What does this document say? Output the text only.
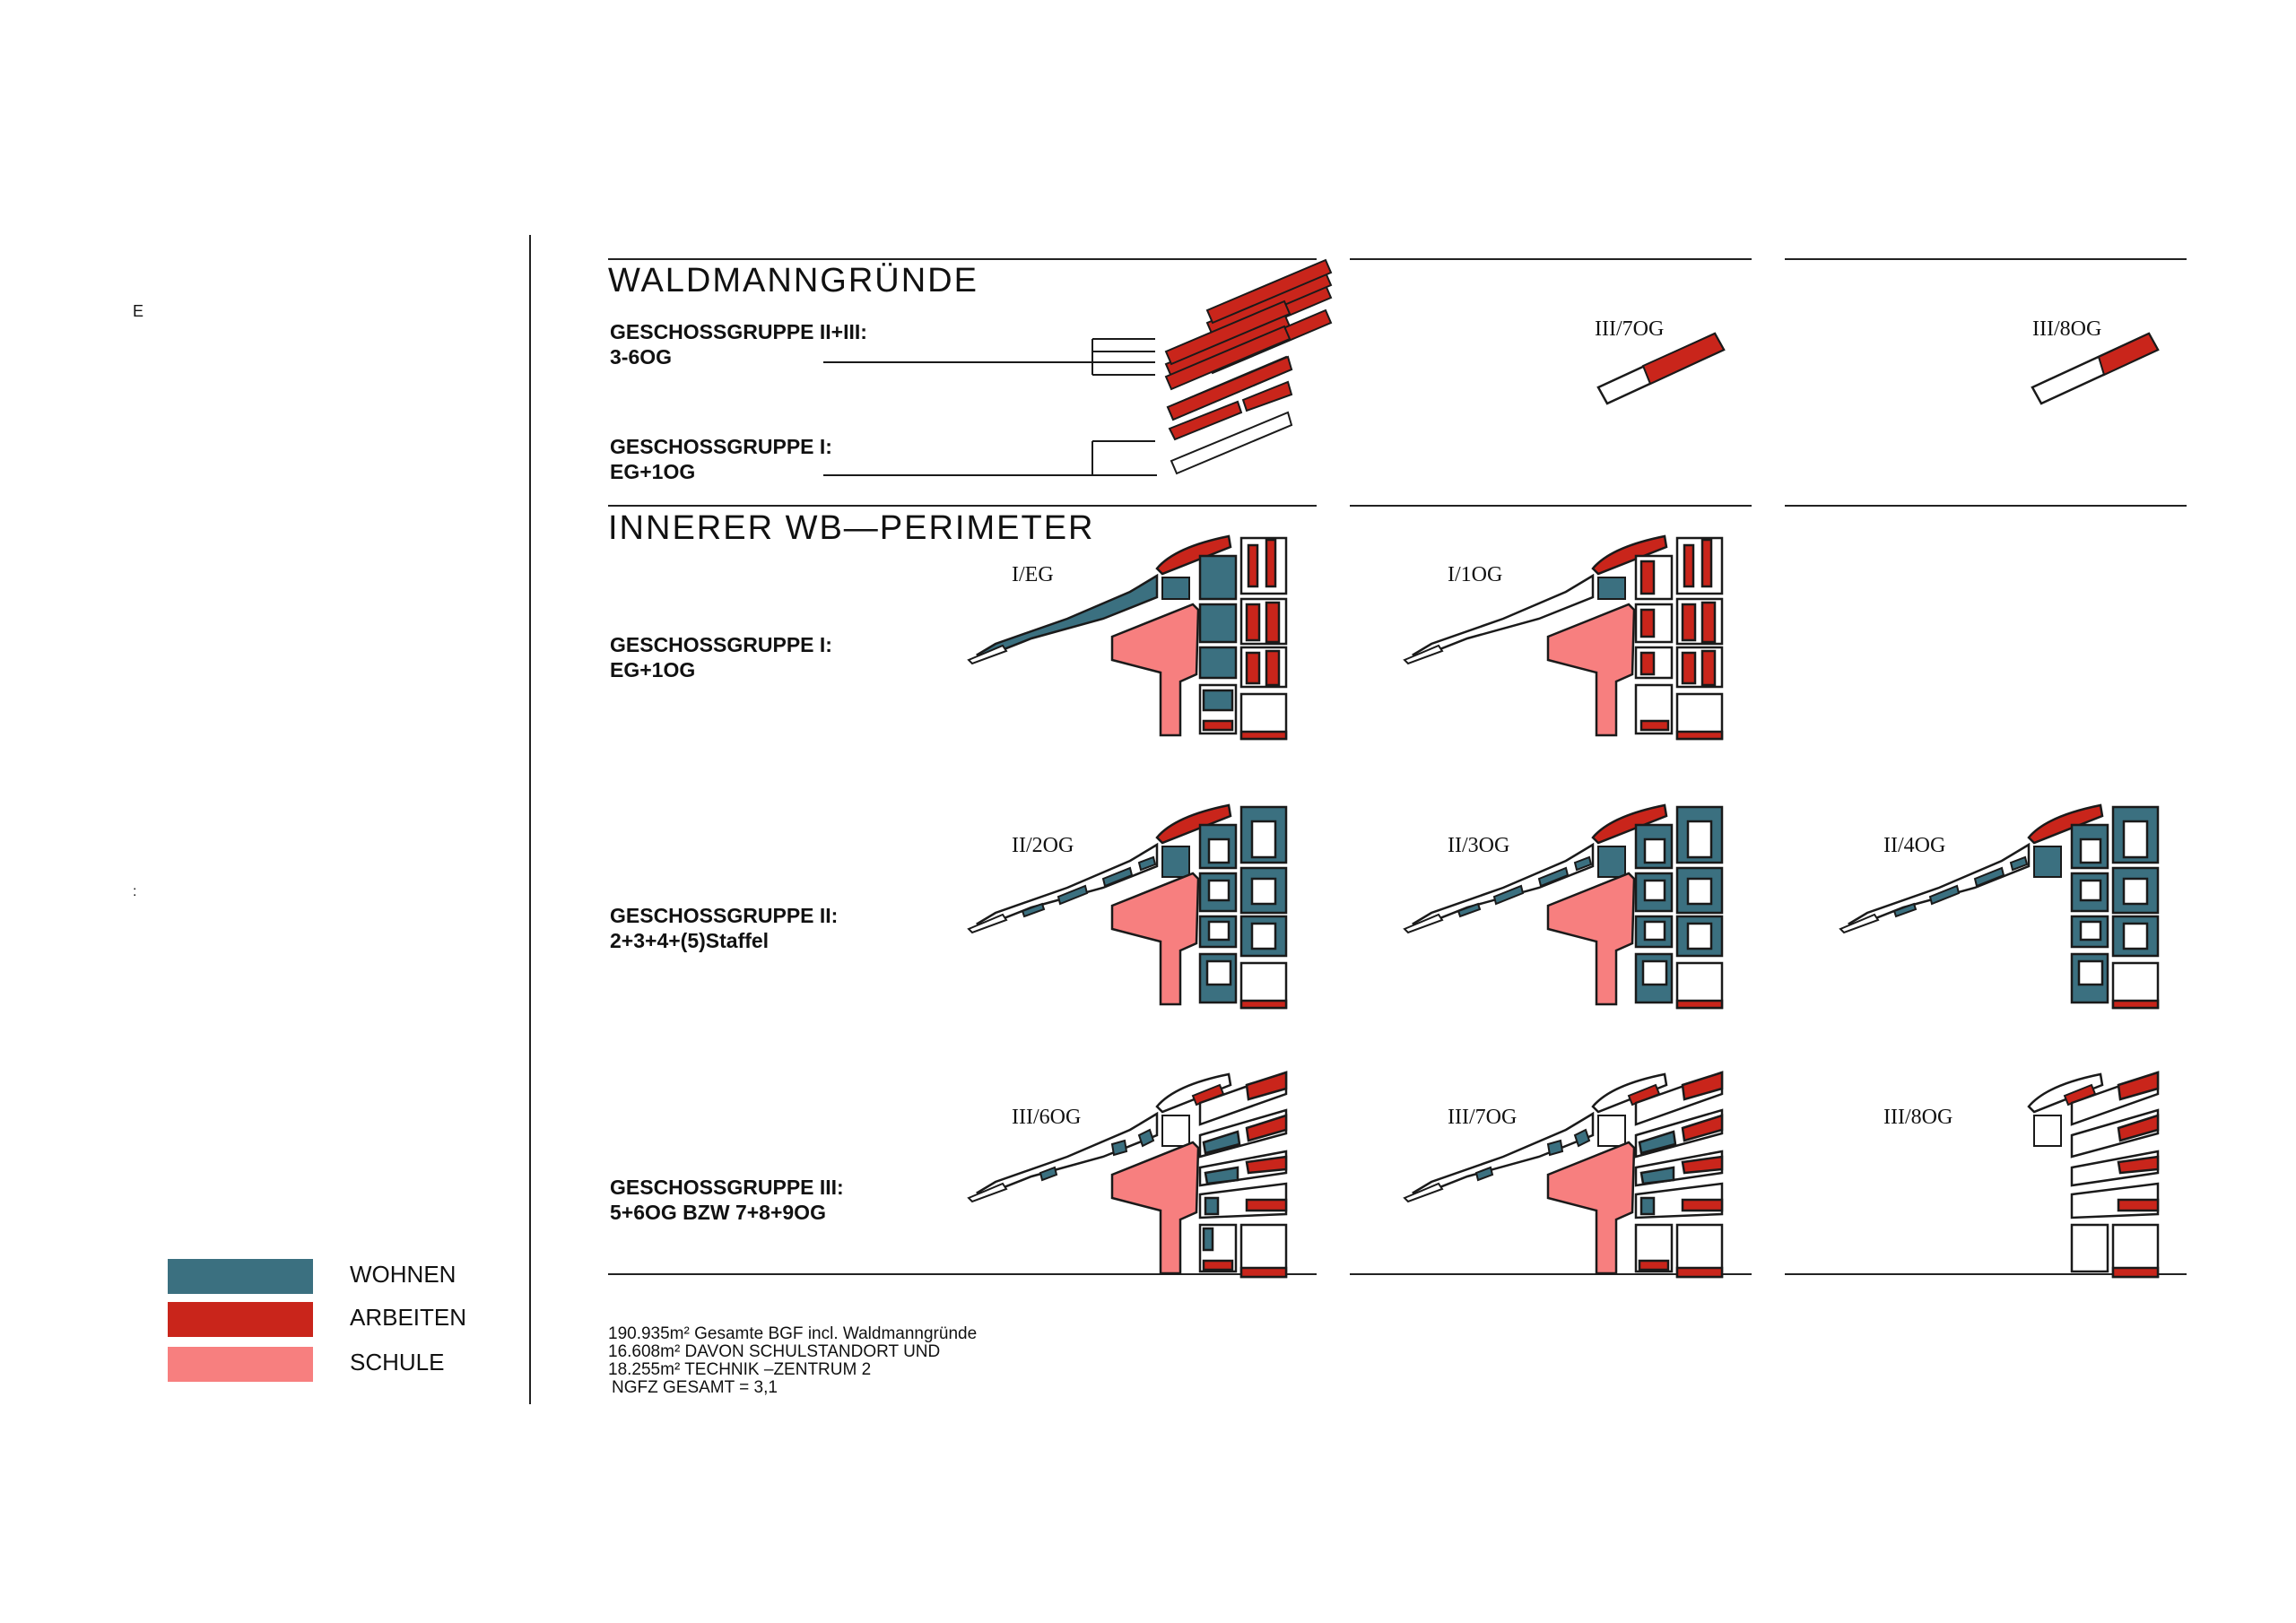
E
:
WALDMANNGRÜNDE
GESCHOSSGRUPPE II+III:
3-6OG
GESCHOSSGRUPPE I:
EG+1OG
III/7OG	III/8OG
INNERER WB—PERIMETER
GESCHOSSGRUPPE I:
EG+1OG
GESCHOSSGRUPPE II:
2+3+4+(5)Staffel
GESCHOSSGRUPPE III:
5+6OG BZW 7+8+9OG
I/EG	I/1OG
II/2OG	II/3OG	II/4OG
III/6OG	III/7OG	III/8OG
WOHNEN
ARBEITEN
SCHULE
190.935m² Gesamte BGF incl. Waldmanngründe
16.608m² DAVON SCHULSTANDORT UND
18.255m² TECHNIK –ZENTRUM 2
NGFZ GESAMT = 3,1
